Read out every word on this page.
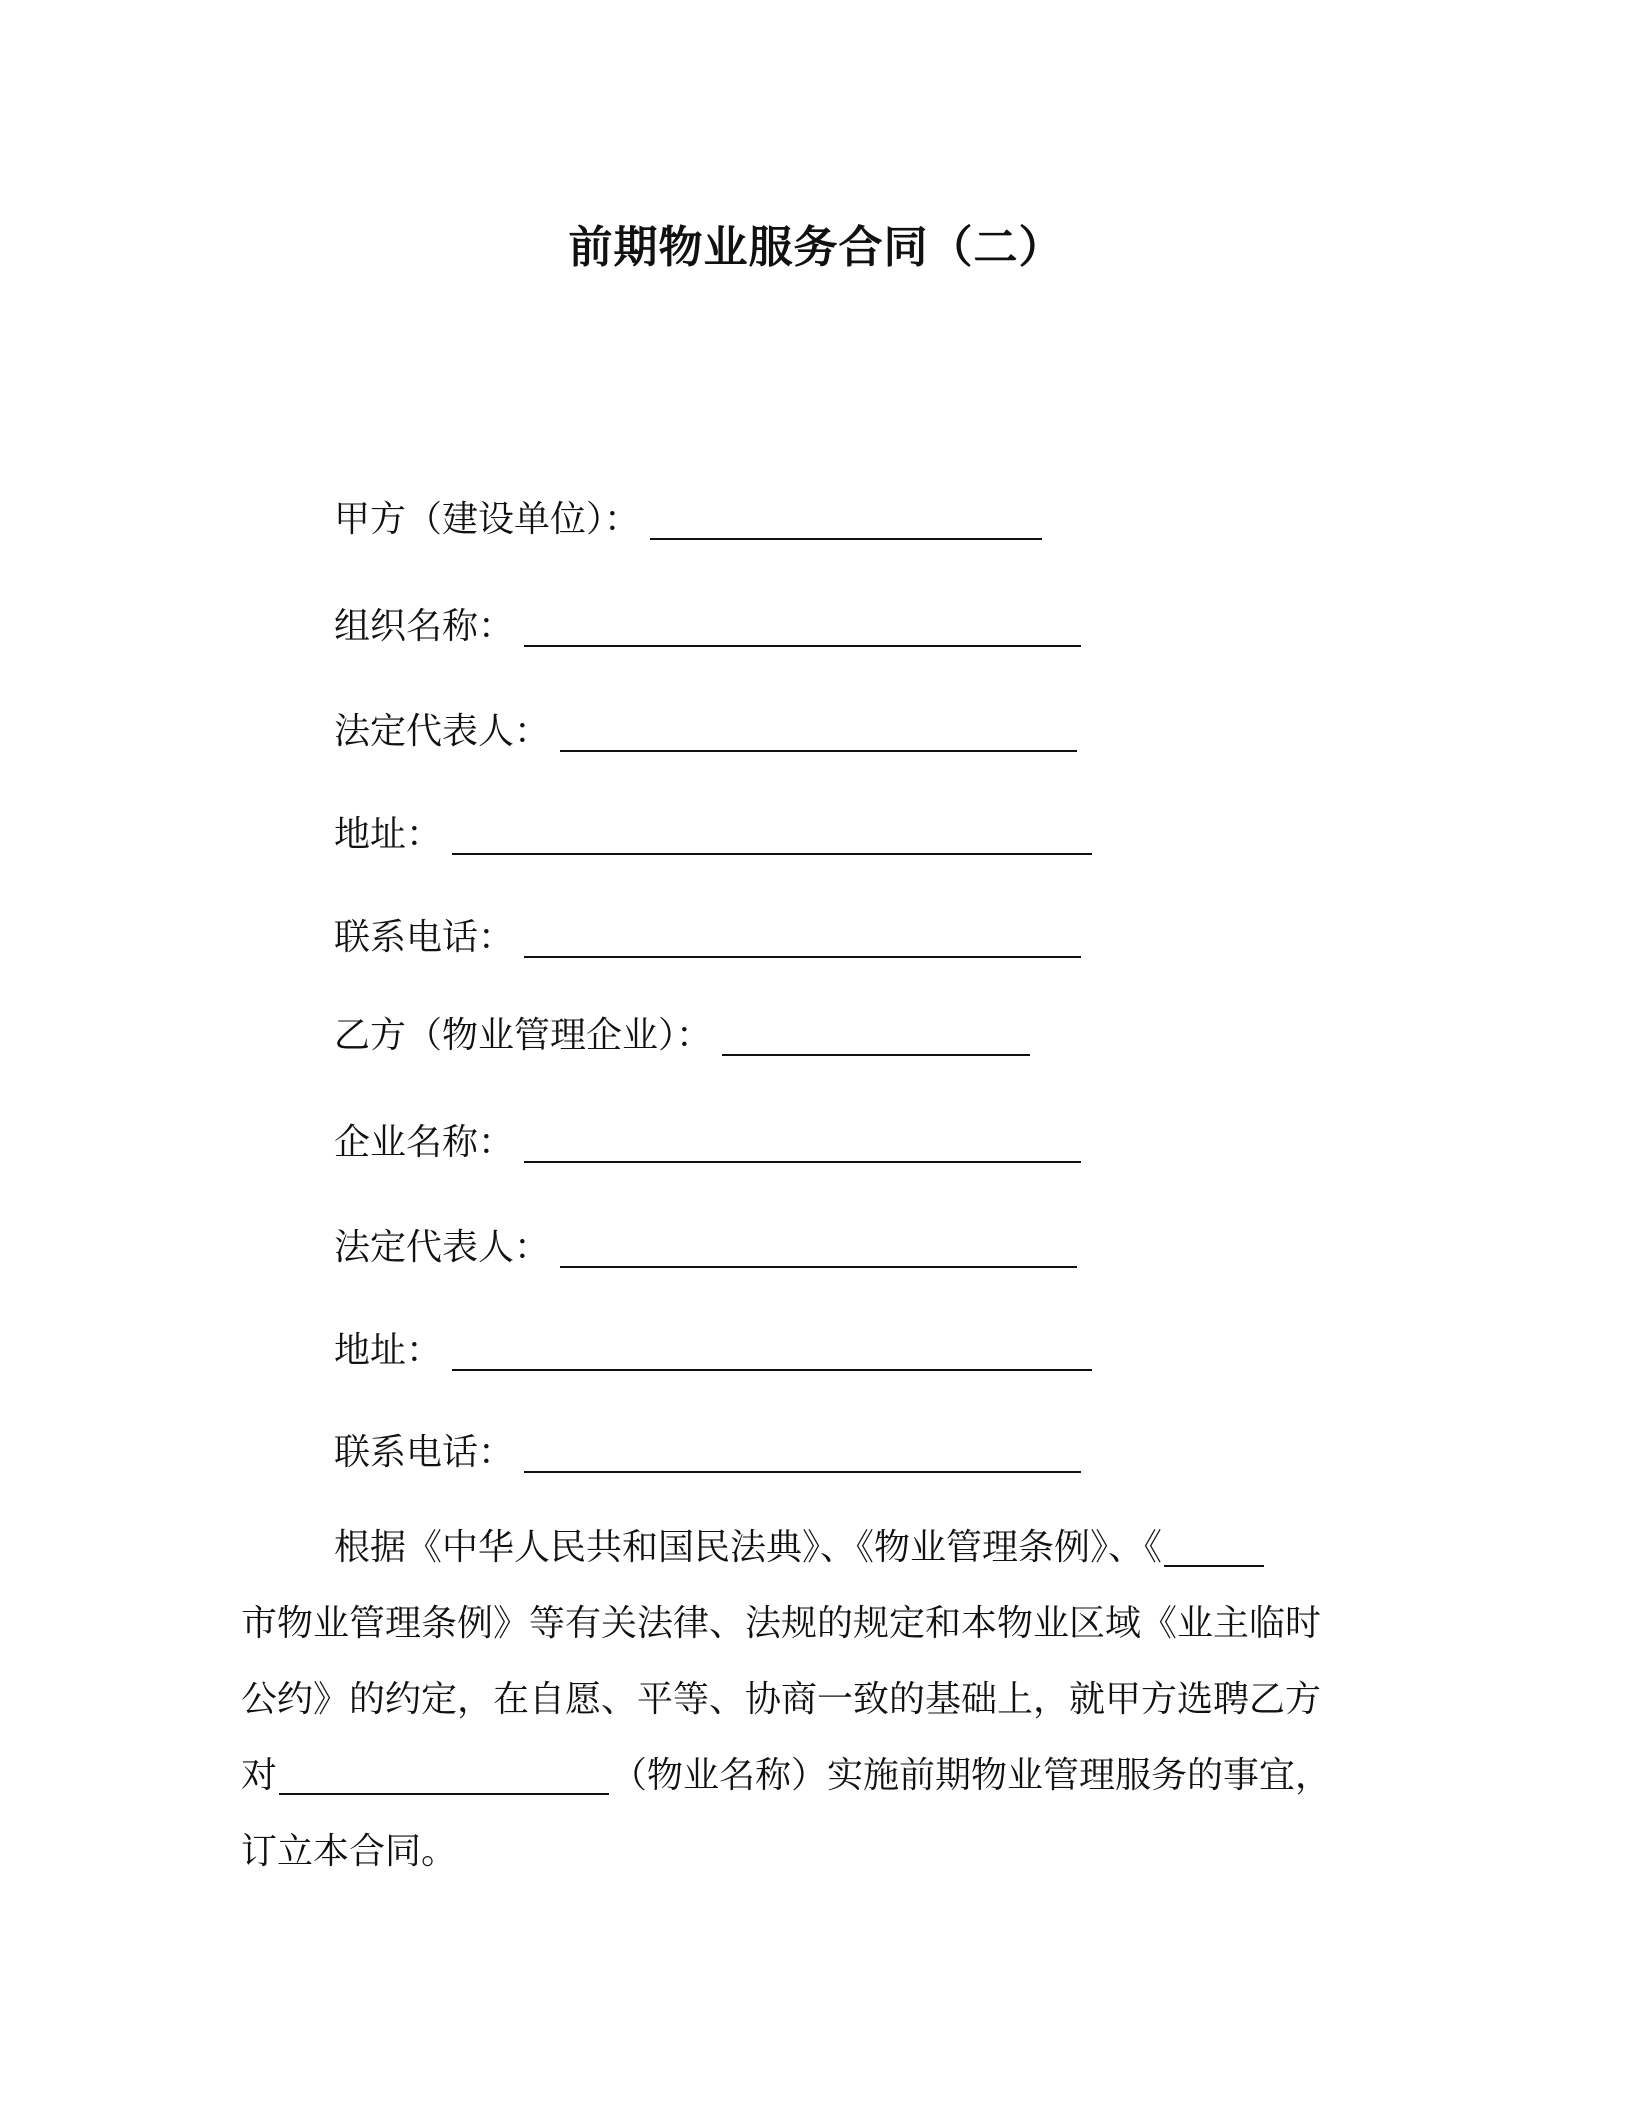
前期物业服务合同（二）
甲方（建设单位）：
组织名称：
法定代表人：
地址：
联系电话：
乙方（物业管理企业）：
企业名称：
法定代表人：
地址：
联系电话：
根据《中华人民共和国民法典》、《物业管理条例》、《
市物业管理条例》等有关法律、法规的规定和本物业区域《业主临时
公约》的约定，在自愿、平等、协商一致的基础上，就甲方选聘乙方
对	（物业名称）实施前期物业管理服务的事宜，
订立本合同。
